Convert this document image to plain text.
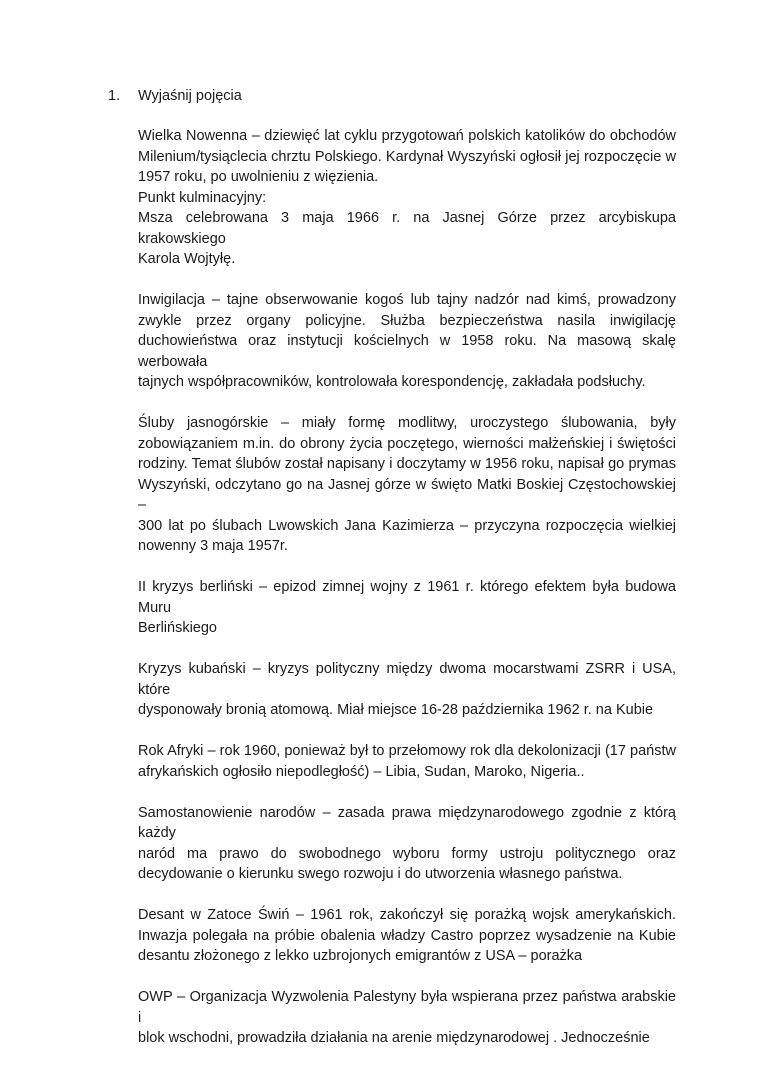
1. Wyjaśnij pojęcia
Wielka Nowenna – dziewięć lat cyklu przygotowań polskich katolików do obchodów
Milenium/tysiąclecia chrztu Polskiego. Kardynał Wyszyński ogłosił jej rozpoczęcie w
1957 roku, po uwolnieniu z więzienia.
Punkt kulminacyjny:
Msza celebrowana 3 maja 1966 r. na Jasnej Górze przez arcybiskupa krakowskiego
Karola Wojtyłę.
Inwigilacja – tajne obserwowanie kogoś lub tajny nadzór nad kimś, prowadzony
zwykle przez organy policyjne. Służba bezpieczeństwa nasila inwigilację
duchowieństwa oraz instytucji kościelnych w 1958 roku. Na masową skalę werbowała
tajnych współpracowników, kontrolowała korespondencję, zakładała podsłuchy.
Śluby jasnogórskie – miały formę modlitwy, uroczystego ślubowania, były
zobowiązaniem m.in. do obrony życia poczętego, wierności małżeńskiej i świętości
rodziny. Temat ślubów został napisany i doczytamy w 1956 roku, napisał go prymas
Wyszyński, odczytano go na Jasnej górze w święto Matki Boskiej Częstochowskiej –
300 lat po ślubach Lwowskich Jana Kazimierza – przyczyna rozpoczęcia wielkiej
nowenny 3 maja 1957r.
II kryzys berliński – epizod zimnej wojny z 1961 r. którego efektem była budowa Muru
Berlińskiego
Kryzys kubański – kryzys polityczny między dwoma mocarstwami ZSRR i USA, które
dysponowały bronią atomową. Miał miejsce 16-28 października 1962 r. na Kubie
Rok Afryki – rok 1960, ponieważ był to przełomowy rok dla dekolonizacji (17 państw
afrykańskich ogłosiło niepodległość) – Libia, Sudan, Maroko, Nigeria..
Samostanowienie narodów – zasada prawa międzynarodowego zgodnie z którą każdy
naród ma prawo do swobodnego wyboru formy ustroju politycznego oraz
decydowanie o kierunku swego rozwoju i do utworzenia własnego państwa.
Desant w Zatoce Świń – 1961 rok, zakończył się porażką wojsk amerykańskich.
Inwazja polegała na próbie obalenia władzy Castro poprzez wysadzenie na Kubie
desantu złożonego z lekko uzbrojonych emigrantów z USA – porażka
OWP – Organizacja Wyzwolenia Palestyny była wspierana przez państwa arabskie i
blok wschodni, prowadziła działania na arenie międzynarodowej . Jednocześnie
